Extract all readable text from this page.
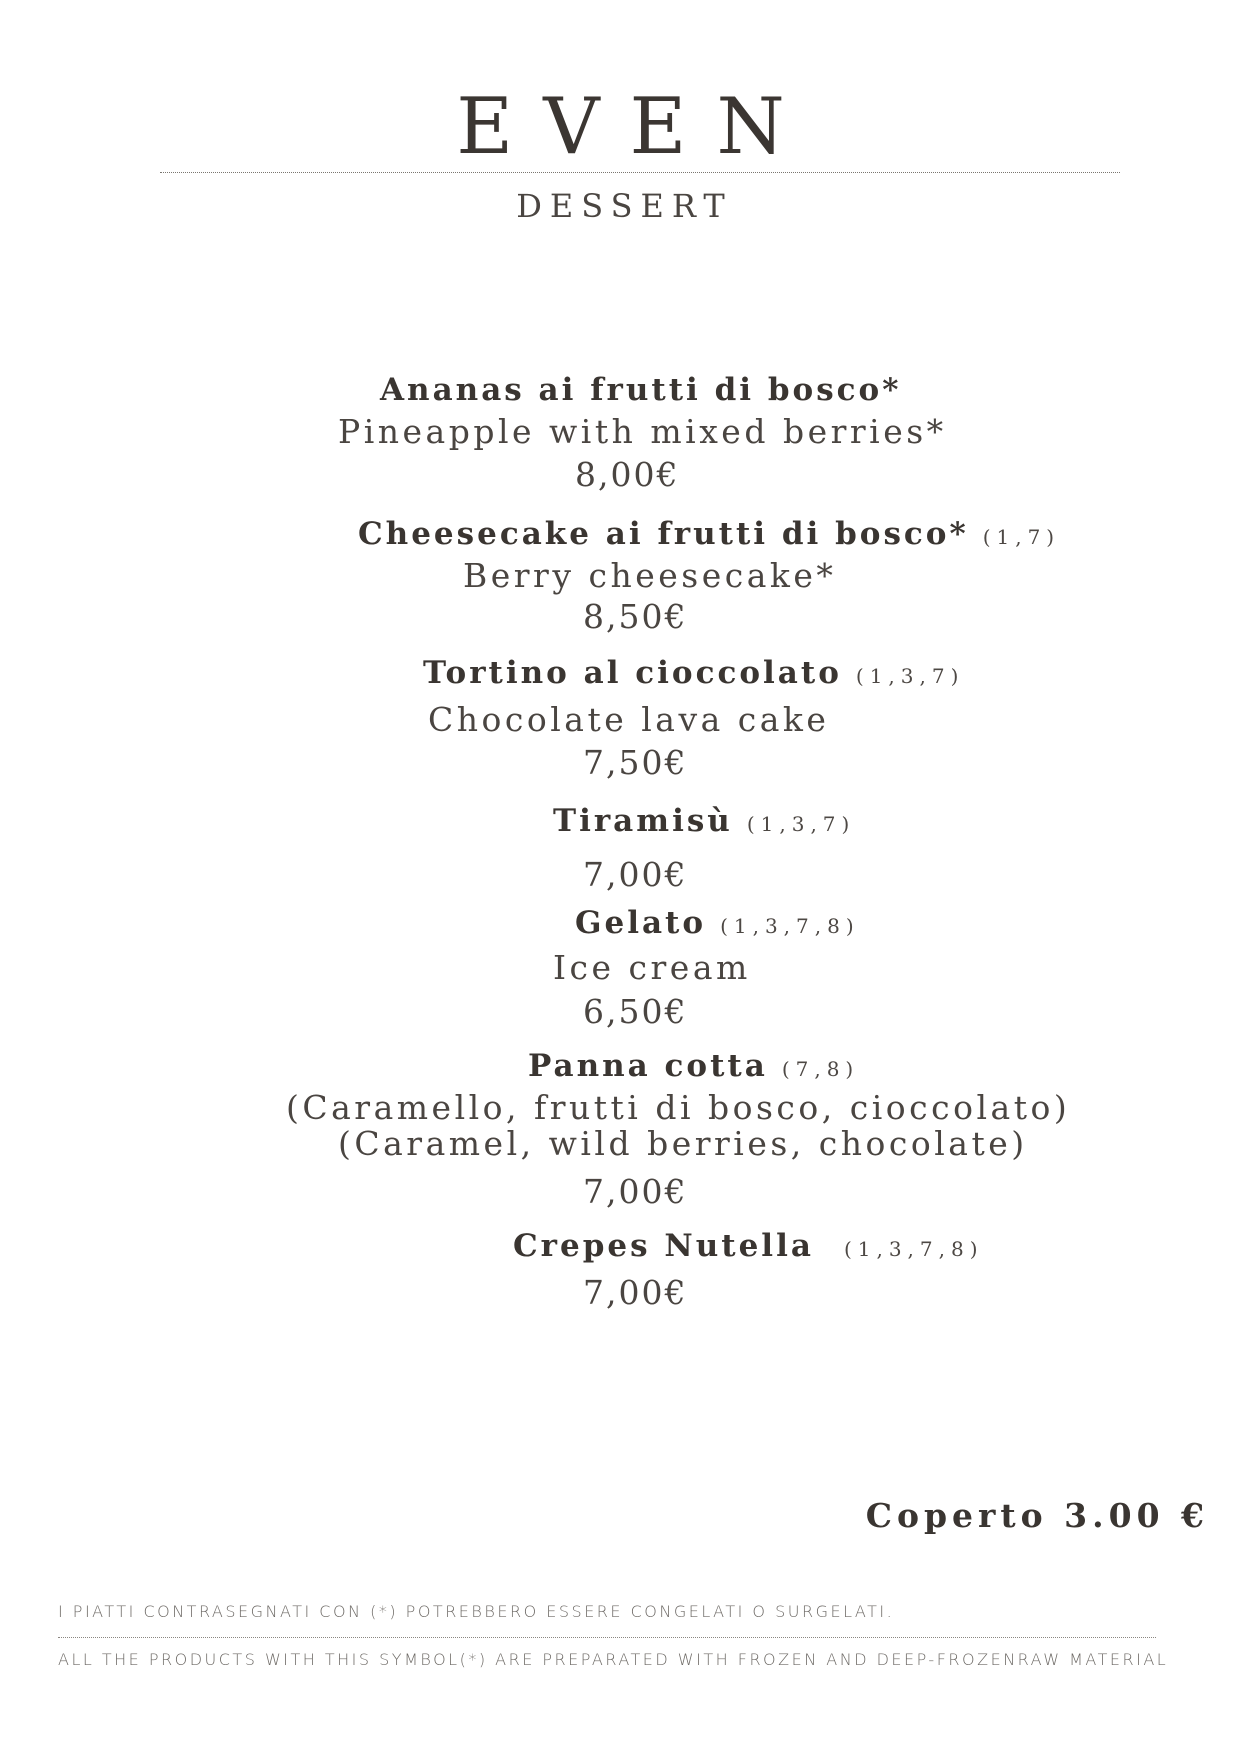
EVEN
DESSERT
Ananas ai frutti di bosco*
Pineapple with mixed berries*
8,00€
Cheesecake ai frutti di bosco* (1,7)
Berry cheesecake*
8,50€
Tortino al cioccolato (1,3,7)
Chocolate lava cake
7,50€
Tiramisù (1,3,7)
7,00€
Gelato (1,3,7,8)
Ice cream
6,50€
Panna cotta (7,8)
(Caramello, frutti di bosco, cioccolato)
(Caramel, wild berries, chocolate)
7,00€
Crepes Nutella (1,3,7,8)
7,00€
Coperto 3.00 €
I PIATTI CONTRASEGNATI CON (*) POTREBBERO ESSERE CONGELATI O SURGELATI.
ALL THE PRODUCTS WITH THIS SYMBOL(*) ARE PREPARATED WITH FROZEN AND DEEP-FROZENRAW MATERIAL
